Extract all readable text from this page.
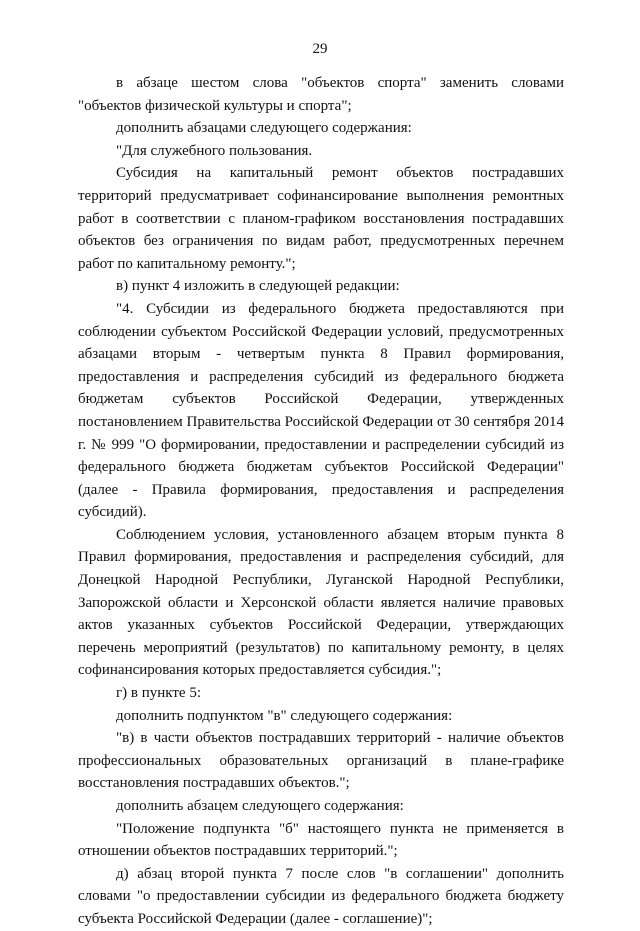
29

в абзаце шестом слова "объектов спорта" заменить словами "объектов физической культуры и спорта";

дополнить абзацами следующего содержания:

"Для служебного пользования.

Субсидия на капитальный ремонт объектов пострадавших территорий предусматривает софинансирование выполнения ремонтных работ в соответствии с планом-графиком восстановления пострадавших объектов без ограничения по видам работ, предусмотренных перечнем работ по капитальному ремонту.";

в) пункт 4 изложить в следующей редакции:

"4. Субсидии из федерального бюджета предоставляются при соблюдении субъектом Российской Федерации условий, предусмотренных абзацами вторым - четвертым пункта 8 Правил формирования, предоставления и распределения субсидий из федерального бюджета бюджетам субъектов Российской Федерации, утвержденных постановлением Правительства Российской Федерации от 30 сентября 2014 г. № 999 "О формировании, предоставлении и распределении субсидий из федерального бюджета бюджетам субъектов Российской Федерации" (далее - Правила формирования, предоставления и распределения субсидий).

Соблюдением условия, установленного абзацем вторым пункта 8 Правил формирования, предоставления и распределения субсидий, для Донецкой Народной Республики, Луганской Народной Республики, Запорожской области и Херсонской области является наличие правовых актов указанных субъектов Российской Федерации, утверждающих перечень мероприятий (результатов) по капитальному ремонту, в целях софинансирования которых предоставляется субсидия.";

г) в пункте 5:

дополнить подпунктом "в" следующего содержания:

"в) в части объектов пострадавших территорий - наличие объектов профессиональных образовательных организаций в плане-графике восстановления пострадавших объектов.";

дополнить абзацем следующего содержания:

"Положение подпункта "б" настоящего пункта не применяется в отношении объектов пострадавших территорий.";

д) абзац второй пункта 7 после слов "в соглашении" дополнить словами "о предоставлении субсидии из федерального бюджета бюджету субъекта Российской Федерации (далее - соглашение)";
